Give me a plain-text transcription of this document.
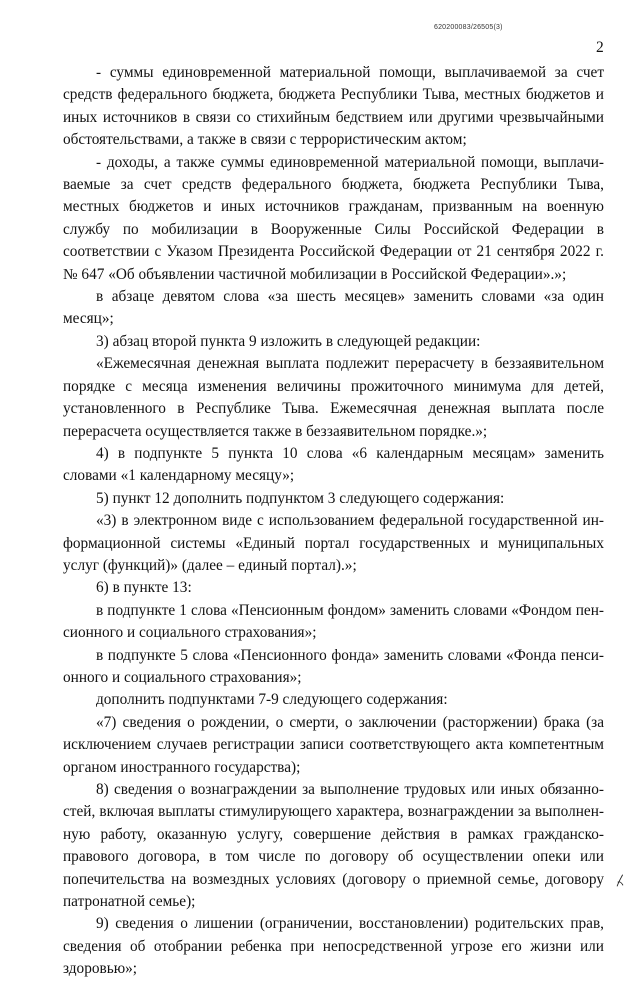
620200083/26505(3)
2

- суммы единовременной материальной помощи, выплачиваемой за счет средств федерального бюджета, бюджета Республики Тыва, местных бюджетов и иных источников в связи со стихийным бедствием или другими чрезвычайными обстоятельствами, а также в связи с террористическим актом;

- доходы, а также суммы единовременной материальной помощи, выплачиваемые за счет средств федерального бюджета, бюджета Республики Тыва, местных бюджетов и иных источников гражданам, призванным на военную службу по мобилизации в Вооруженные Силы Российской Федерации в соответствии с Указом Президента Российской Федерации от 21 сентября 2022 г. № 647 «Об объявлении частичной мобилизации в Российской Федерации».»;

в абзаце девятом слова «за шесть месяцев» заменить словами «за один месяц»;

3) абзац второй пункта 9 изложить в следующей редакции:

«Ежемесячная денежная выплата подлежит перерасчету в беззаявительном порядке с месяца изменения величины прожиточного минимума для детей, установленного в Республике Тыва. Ежемесячная денежная выплата после перерасчета осуществляется также в беззаявительном порядке.»;

4) в подпункте 5 пункта 10 слова «6 календарным месяцам» заменить словами «1 календарному месяцу»;

5) пункт 12 дополнить подпунктом 3 следующего содержания:

«3) в электронном виде с использованием федеральной государственной информационной системы «Единый портал государственных и муниципальных услуг (функций)» (далее – единый портал).»;

6) в пункте 13:

в подпункте 1 слова «Пенсионным фондом» заменить словами «Фондом пенсионного и социального страхования»;

в подпункте 5 слова «Пенсионного фонда» заменить словами «Фонда пенсионного и социального страхования»;

дополнить подпунктами 7-9 следующего содержания:

«7) сведения о рождении, о смерти, о заключении (расторжении) брака (за исключением случаев регистрации записи соответствующего акта компетентным органом иностранного государства);

8) сведения о вознаграждении за выполнение трудовых или иных обязанностей, включая выплаты стимулирующего характера, вознаграждении за выполненную работу, оказанную услугу, совершение действия в рамках гражданско-правового договора, в том числе по договору об осуществлении опеки или попечительства на возмездных условиях (договору о приемной семье, договору патронатной семье);

9) сведения о лишении (ограничении, восстановлении) родительских прав, сведения об отобрании ребенка при непосредственной угрозе его жизни или здоровью»;
